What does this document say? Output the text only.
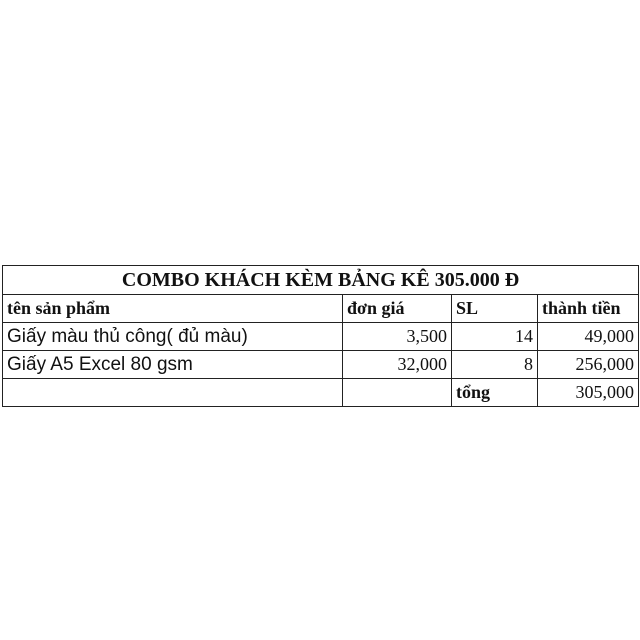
COMBO KHÁCH KÈM BẢNG KÊ 305.000 Đ			
tên sản phẩm	đơn giá	SL	thành tiền
Giấy màu thủ công( đủ màu)	3,500	14	49,000
Giấy A5 Excel 80 gsm	32,000	8	256,000
		tổng	305,000
